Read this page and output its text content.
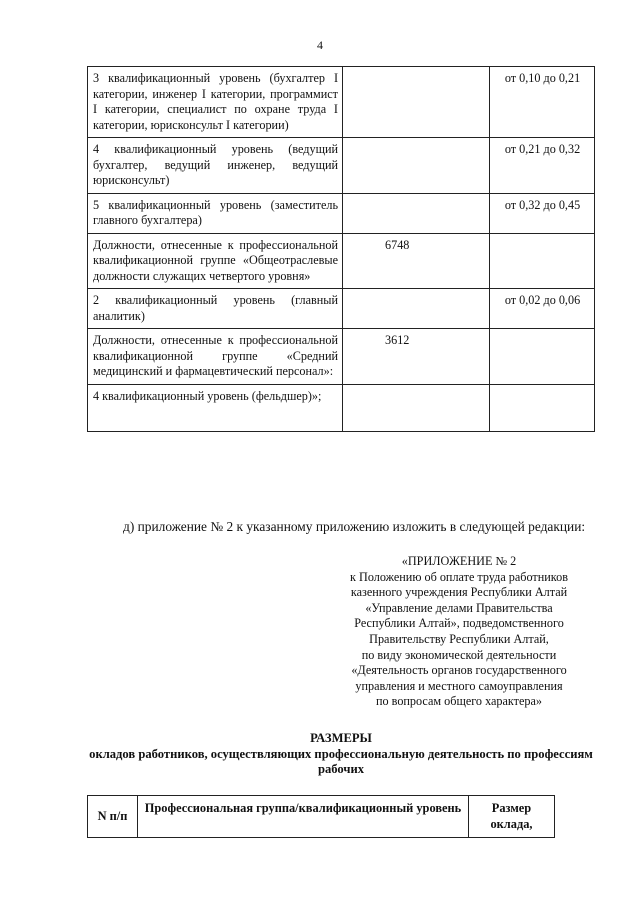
4
3 квалификационный уровень (бухгалтер I категории, инженер I категории, программист I категории, специалист по охране труда I категории, юрисконсульт I категории)		от 0,10 до 0,21
4 квалификационный уровень (ведущий бухгалтер, ведущий инженер, ведущий юрисконсульт)		от 0,21 до 0,32
5 квалификационный уровень (заместитель главного бухгалтера)		от 0,32 до 0,45
Должности, отнесенные к профессиональной квалификационной группе «Общеотраслевые должности служащих четвертого уровня»	6748	
2 квалификационный уровень (главный аналитик)		от 0,02 до 0,06
Должности, отнесенные к профессиональной квалификационной группе «Средний медицинский и фармацевтический персонал»:	3612	
4 квалификационный уровень (фельдшер)»;		
д) приложение № 2 к указанному приложению изложить в следующей редакции:
«ПРИЛОЖЕНИЕ № 2
к Положению об оплате труда работников
казенного учреждения Республики Алтай
«Управление делами Правительства
Республики Алтай», подведомственного
Правительству Республики Алтай,
по виду экономической деятельности
«Деятельность органов государственного
управления и местного самоуправления
по вопросам общего характера»
РАЗМЕРЫ
окладов работников, осуществляющих профессиональную деятельность по профессиям рабочих
N п/п	Профессиональная группа/квалификационный уровень	Размер оклада,
